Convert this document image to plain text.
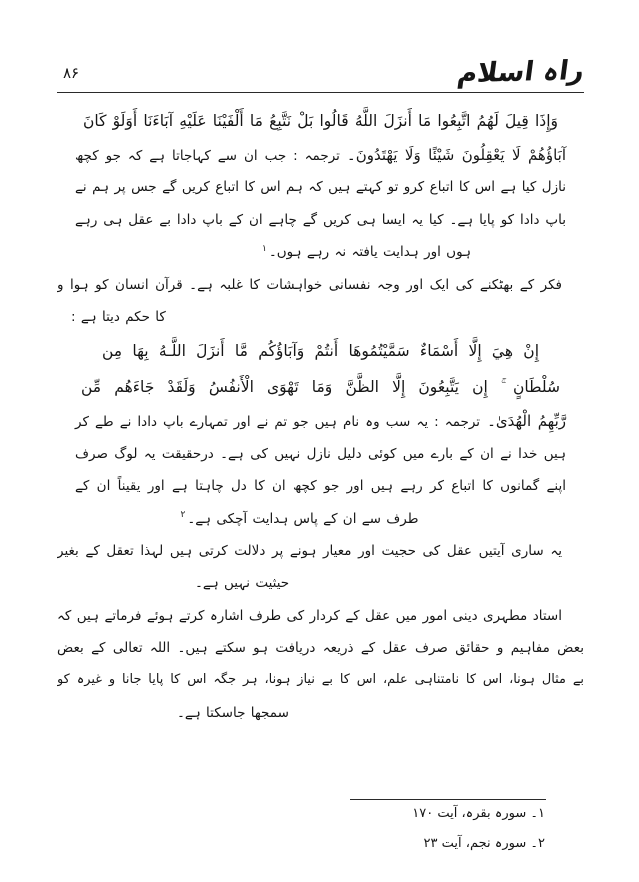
۸۶	راہ اسلام
وَإِذَا قِيلَ لَهُمُ اتَّبِعُوا مَا أَنزَلَ اللَّهُ قَالُوا بَلْ نَتَّبِعُ مَا أَلْفَيْنَا عَلَيْهِ آبَاءَنَا أَوَلَوْ كَانَ
آبَاؤُهُمْ لَا يَعْقِلُونَ شَيْئًا وَلَا يَهْتَدُونَ۔ترجمہ : جب ان سے کہاجاتا ہے کہ جو کچھ
نازل کیا ہے اس کا اتباع کرو تو کہتے ہیں کہ ہم اس کا اتباع کریں گے جس پر ہم نے
باپ دادا کو پایا ہے۔ کیا یہ ایسا ہی کریں گے چاہے ان کے باپ دادا بے عقل ہی رہے
ہوں اور ہدایت یافتہ نہ رہے ہوں۔$^۱$
فکر کے بھٹکنے کی ایک اور وجہ نفسانی خواہشات کا غلبہ ہے۔ قرآن انسان کو ہوا و
کا حکم دیتا ہے :
إِنْ هِيَ إِلَّا أَسْمَاءٌ سَمَّيْتُمُوهَا أَنتُمْ وَآبَاؤُكُم مَّا أَنزَلَ اللَّـهُ بِهَا مِن
سُلْطَانٍ ۚ إِن يَتَّبِعُونَ إِلَّا الظَّنَّ وَمَا تَهْوَى الْأَنفُسُ وَلَقَدْ جَاءَهُم مِّن
رَّبِّهِمُ الْهُدَىٰ۔ترجمہ : یہ سب وہ نام ہیں جو تم نے اور تمہارے باپ دادا نے طے کر
ہیں خدا نے ان کے بارے میں کوئی دلیل نازل نہیں کی ہے۔ درحقیقت یہ لوگ صرف
اپنے گمانوں کا اتباع کر رہے ہیں اور جو کچھ ان کا دل چاہتا ہے اور یقیناً ان کے
طرف سے ان کے پاس ہدایت آچکی ہے۔$^۲$
یہ ساری آیتیں عقل کی حجیت اور معیار ہونے پر دلالت کرتی ہیں لہذا تعقل کے بغیر
حیثیت نہیں ہے۔
استاد مطہری دینی امور میں عقل کے کردار کی طرف اشارہ کرتے ہوئے فرماتے ہیں کہ
بعض مفاہیم و حقائق صرف عقل کے ذریعہ دریافت ہو سکتے ہیں۔ اللہ تعالی کے بعض
بے مثال ہونا، اس کا نامتناہی علم، اس کا بے نیاز ہونا، ہر جگہ اس کا پایا جانا و غیرہ کو
سمجھا جاسکتا ہے۔
۱۔ سورہ بقرہ، آیت ۱۷۰
۲۔ سورہ نجم، آیت ۲۳
